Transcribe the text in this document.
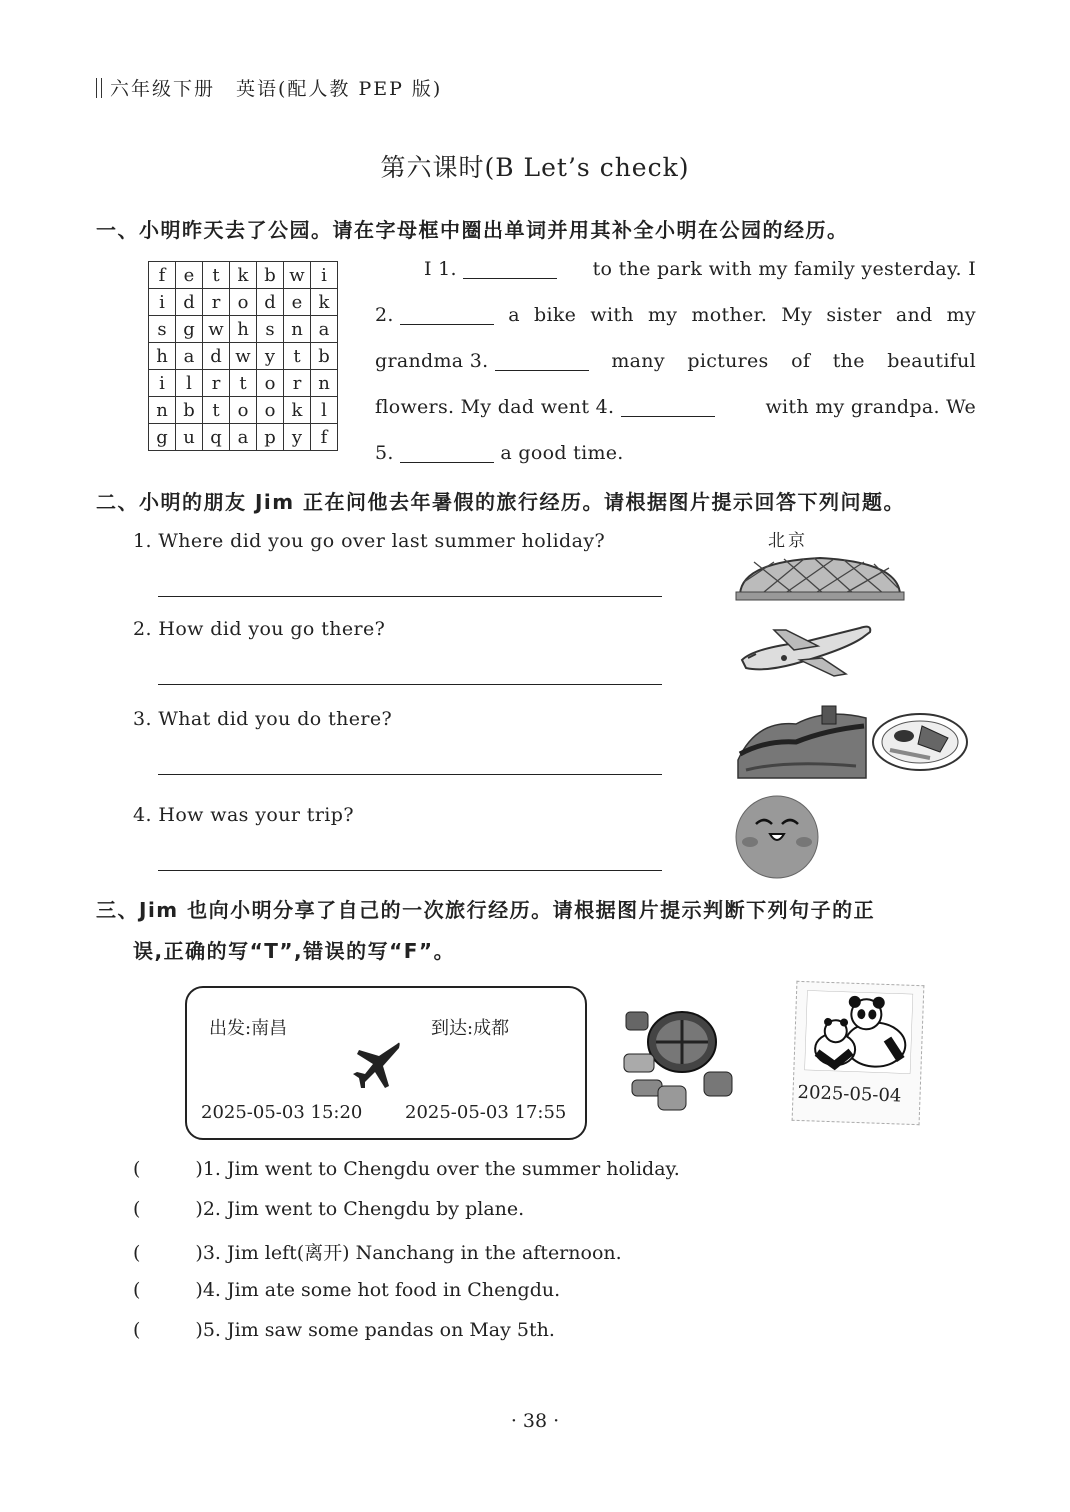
六年级下册　英语(配人教 PEP 版)
第六课时(B Let’s check)
一、小明昨天去了公园。请在字母框中圈出单词并用其补全小明在公园的经历。
f	e	t	k	b	w	i
i	d	r	o	d	e	k
s	g	w	h	s	n	a
h	a	d	w	y	t	b
i	l	r	t	o	r	n
n	b	t	o	o	k	l
g	u	q	a	p	y	f
I 1.	to the park with my family yesterday. I
2.	a bike with my mother. My sister and my
grandma 3.	many pictures of the beautiful
flowers. My dad went 4.	with my grandpa. We
5.	a good time.
二、小明的朋友 Jim 正在问他去年暑假的旅行经历。请根据图片提示回答下列问题。
1. Where did you go over last summer holiday?
2. How did you go there?
3. What did you do there?
4. How was your trip?
北京
三、Jim 也向小明分享了自己的一次旅行经历。请根据图片提示判断下列句子的正
误,正确的写“T”,错误的写“F”。
出发:南昌	到达:成都
2025-05-03 15:20 2025-05-03 17:55
2025-05-04
(	)1. Jim went to Chengdu over the summer holiday.
(	)2. Jim went to Chengdu by plane.
(	)3. Jim left(离开) Nanchang in the afternoon.
(	)4. Jim ate some hot food in Chengdu.
(	)5. Jim saw some pandas on May 5th.
· 38 ·
